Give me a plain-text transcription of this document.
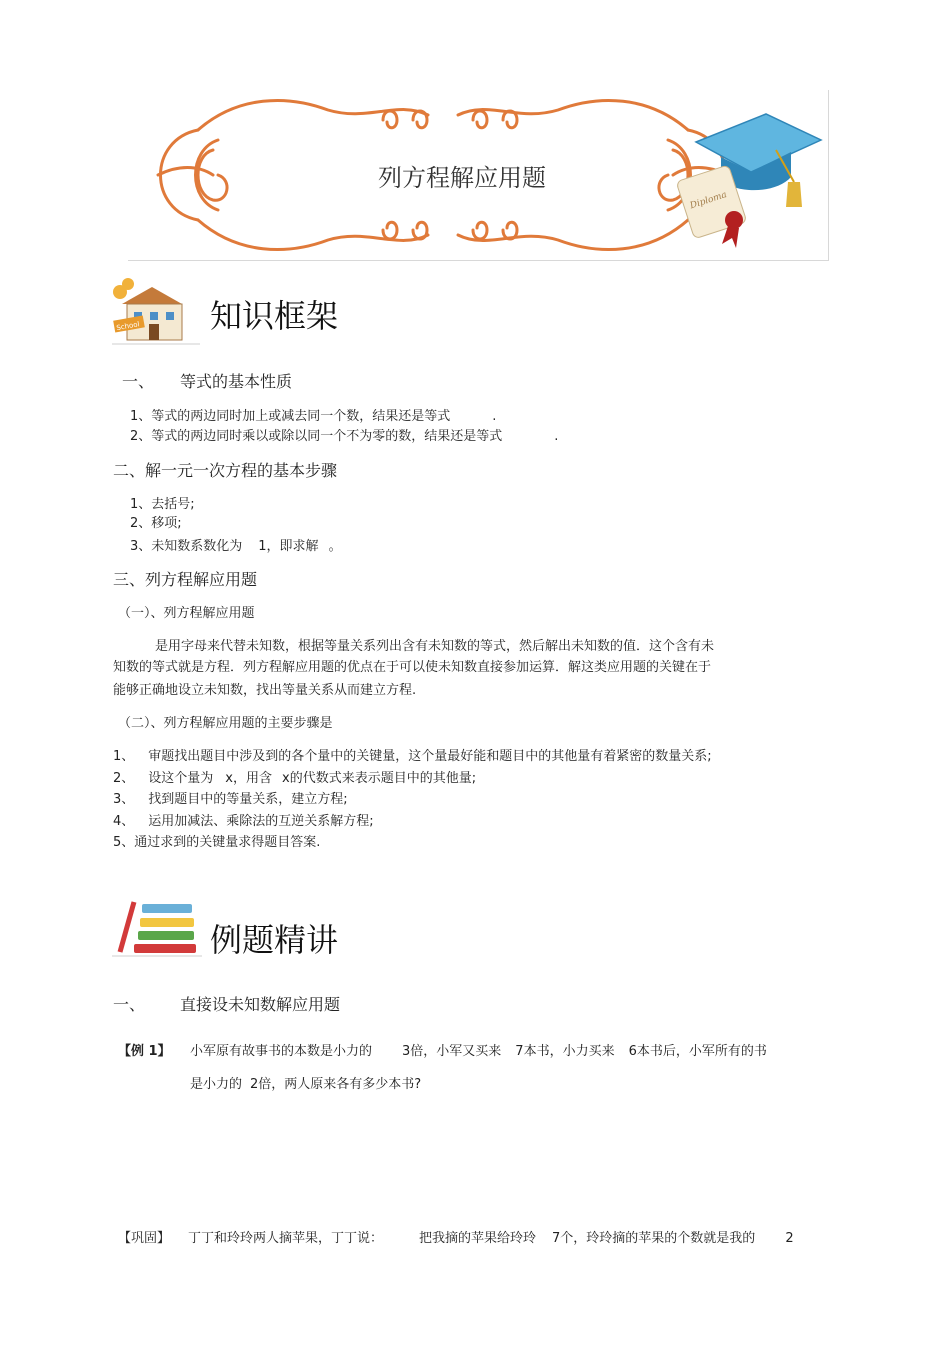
列方程解应用题
Diploma
School 知识框架
一、 等式的基本性质
1、等式的两边同时加上或减去同一个数，结果还是等式	.
2、等式的两边同时乘以或除以同一个不为零的数，结果还是等式	.
二、解一元一次方程的基本步骤
1、去括号;
2、移项;
3、未知数系数化为 1，即求解 。
三、列方程解应用题
（一）、列方程解应用题
是用字母来代替未知数，根据等量关系列出含有未知数的等式，然后解出未知数的值．这个含有未
知数的等式就是方程．列方程解应用题的优点在于可以使未知数直接参加运算．解这类应用题的关键在于
能够正确地设立未知数，找出等量关系从而建立方程.
（二）、列方程解应用题的主要步骤是
1、 审题找出题目中涉及到的各个量中的关键量，这个量最好能和题目中的其他量有着紧密的数量关系;
2、 设这个量为 x，用含 x的代数式来表示题目中的其他量;
3、 找到题目中的等量关系，建立方程;
4、 运用加减法、乘除法的互逆关系解方程;
5、通过求到的关键量求得题目答案.
例题精讲
一、 直接设未知数解应用题
【例 1】 小军原有故事书的本数是小力的 3倍，小军又买来 7本书，小力买来 6本书后，小军所有的书
是小力的 2倍，两人原来各有多少本书?
【巩固】 丁丁和玲玲两人摘苹果，丁丁说：	把我摘的苹果给玲玲 7个，玲玲摘的苹果的个数就是我的 2
